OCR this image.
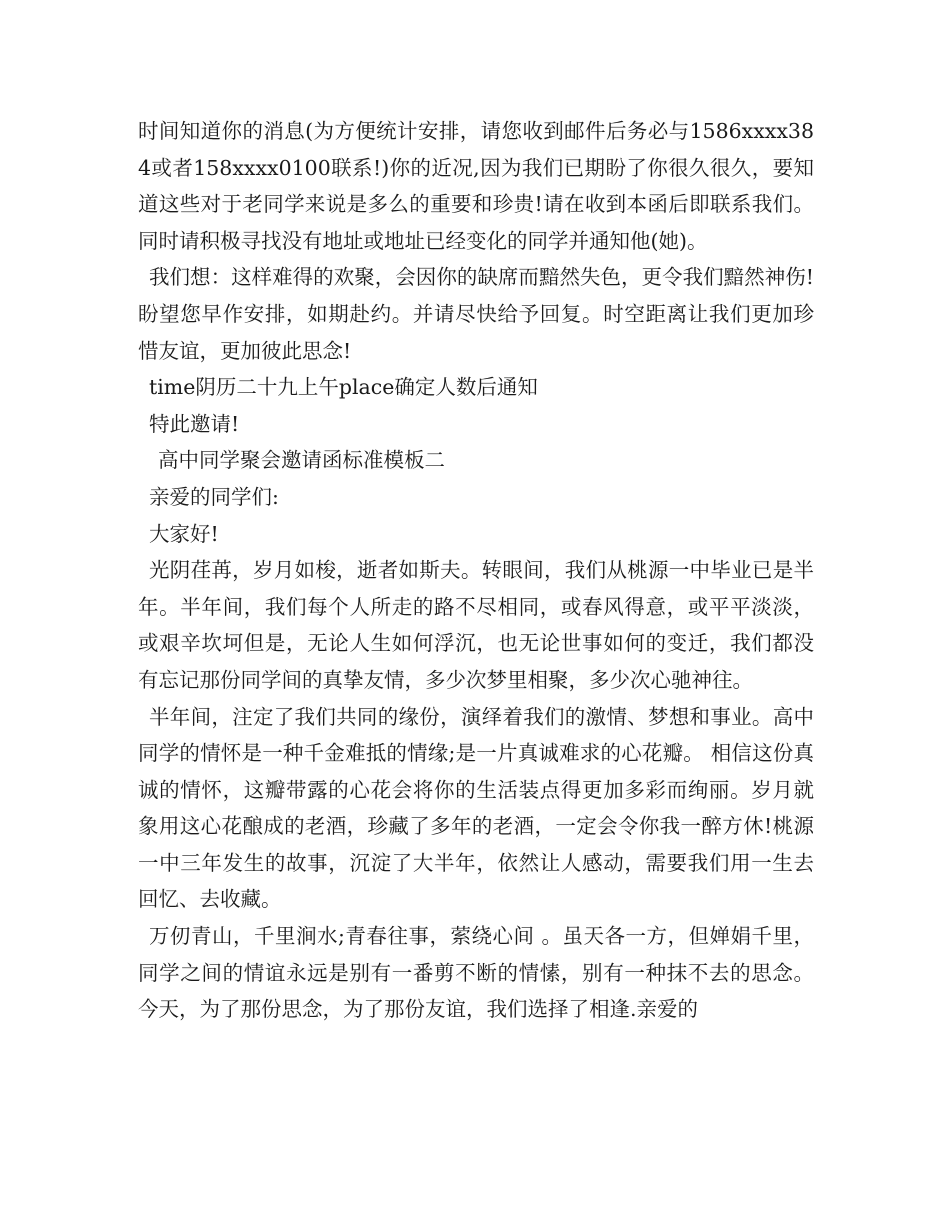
时间知道你的消息(为方便统计安排，请您收到邮件后务必与1586xxxx384或者158xxxx0100联系!)你的近况,因为我们已期盼了你很久很久，要知道这些对于老同学来说是多么的重要和珍贵!请在收到本函后即联系我们。同时请积极寻找没有地址或地址已经变化的同学并通知他(她)。

我们想：这样难得的欢聚，会因你的缺席而黯然失色，更令我们黯然神伤!盼望您早作安排，如期赴约。并请尽快给予回复。时空距离让我们更加珍惜友谊，更加彼此思念!

time阴历二十九上午place确定人数后通知

特此邀请!

高中同学聚会邀请函标准模板二

亲爱的同学们:

大家好!

光阴荏苒，岁月如梭，逝者如斯夫。转眼间，我们从桃源一中毕业已是半年。半年间，我们每个人所走的路不尽相同，或春风得意，或平平淡淡，或艰辛坎坷但是，无论人生如何浮沉，也无论世事如何的变迁，我们都没有忘记那份同学间的真挚友情，多少次梦里相聚，多少次心驰神往。

半年间，注定了我们共同的缘份，演绎着我们的激情、梦想和事业。高中同学的情怀是一种千金难抵的情缘;是一片真诚难求的心花瓣。 相信这份真诚的情怀，这瓣带露的心花会将你的生活装点得更加多彩而绚丽。岁月就象用这心花酿成的老酒，珍藏了多年的老酒，一定会令你我一醉方休!桃源一中三年发生的故事，沉淀了大半年，依然让人感动，需要我们用一生去回忆、去收藏。

万仞青山，千里涧水;青春往事，萦绕心间 。虽天各一方，但婵娟千里，同学之间的情谊永远是别有一番剪不断的情愫，别有一种抹不去的思念。今天，为了那份思念，为了那份友谊，我们选择了相逢.亲爱的
